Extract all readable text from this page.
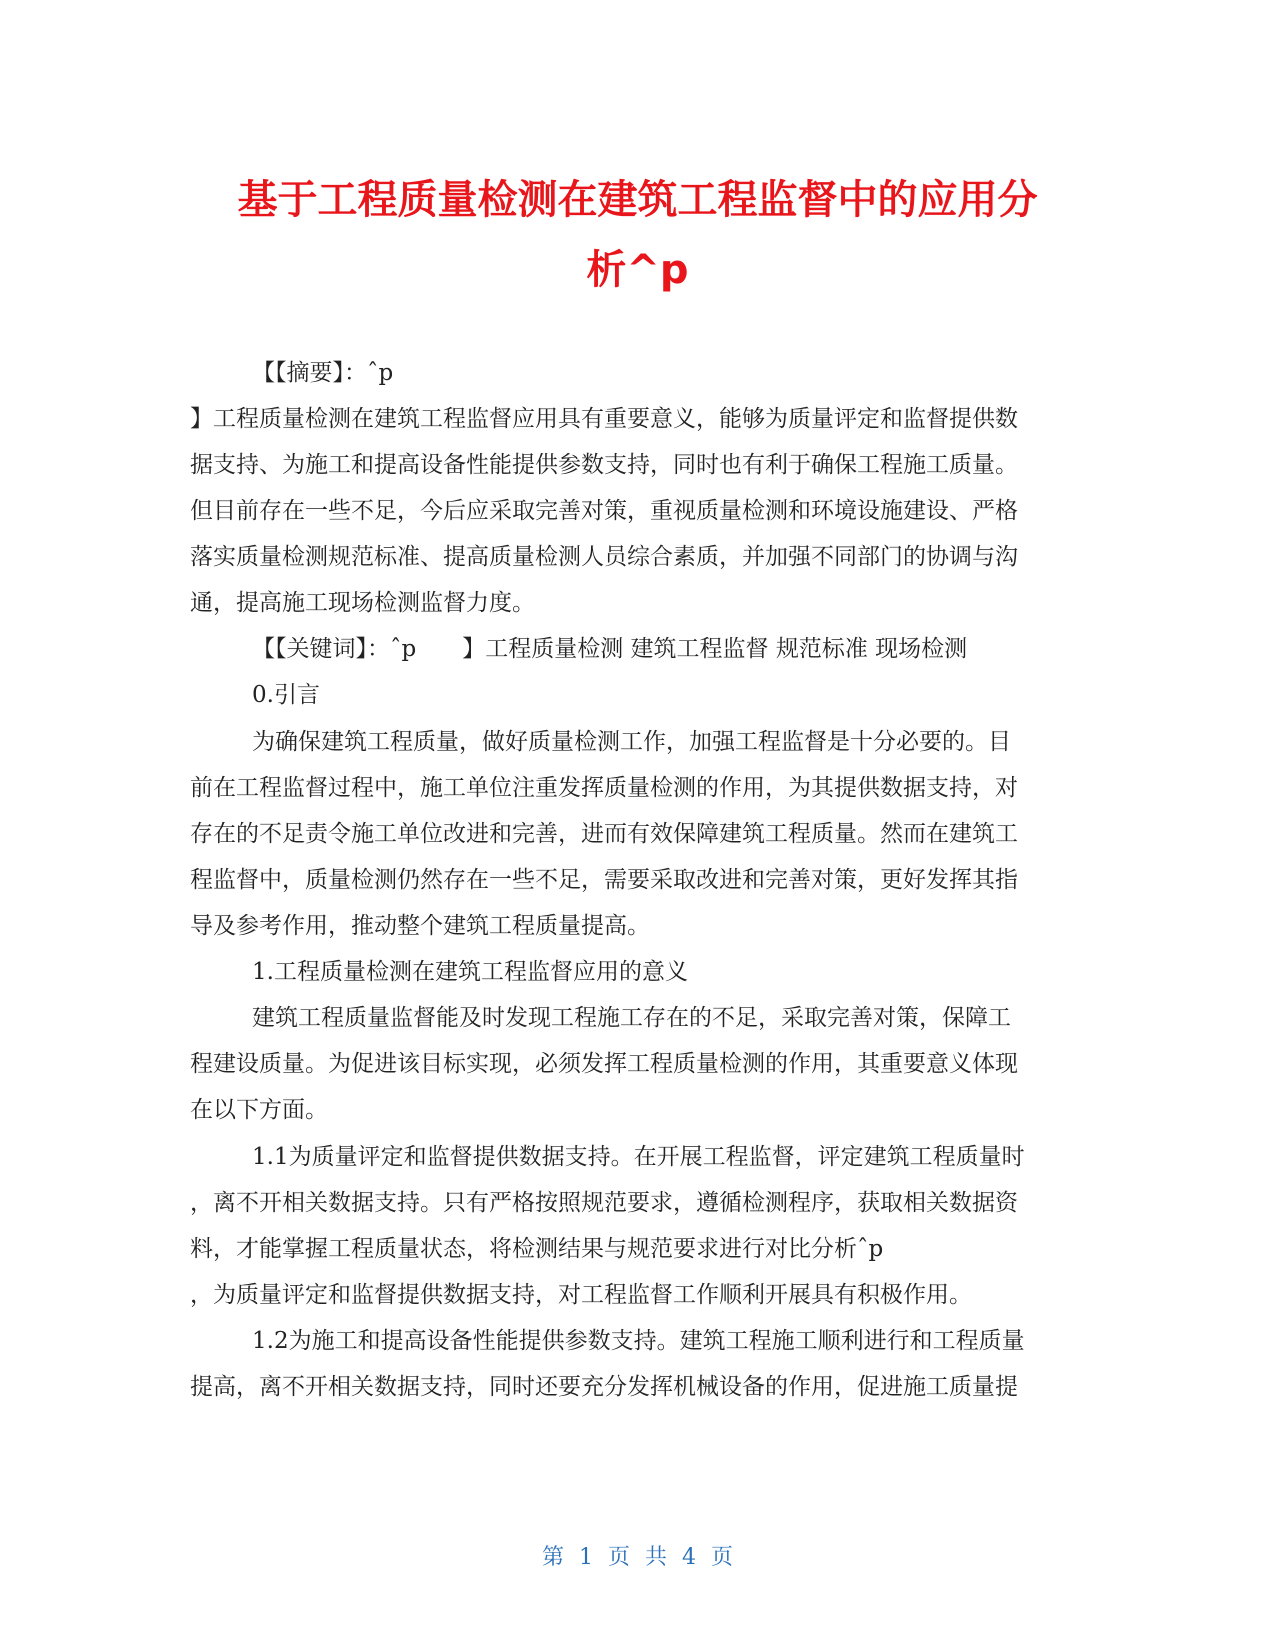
基于工程质量检测在建筑工程监督中的应用分
析^p

【【摘要】：ˆp

】工程质量检测在建筑工程监督应用具有重要意义，能够为质量评定和监督提供数

据支持、为施工和提高设备性能提供参数支持，同时也有利于确保工程施工质量。

但目前存在一些不足，今后应采取完善对策，重视质量检测和环境设施建设、严格

落实质量检测规范标准、提高质量检测人员综合素质，并加强不同部门的协调与沟

通，提高施工现场检测监督力度。

【【关键词】：ˆp　　】工程质量检测 建筑工程监督 规范标准 现场检测

0.引言

为确保建筑工程质量，做好质量检测工作，加强工程监督是十分必要的。目

前在工程监督过程中，施工单位注重发挥质量检测的作用，为其提供数据支持，对

存在的不足责令施工单位改进和完善，进而有效保障建筑工程质量。然而在建筑工

程监督中，质量检测仍然存在一些不足，需要采取改进和完善对策，更好发挥其指

导及参考作用，推动整个建筑工程质量提高。

1.工程质量检测在建筑工程监督应用的意义

建筑工程质量监督能及时发现工程施工存在的不足，采取完善对策，保障工

程建设质量。为促进该目标实现，必须发挥工程质量检测的作用，其重要意义体现

在以下方面。

1.1为质量评定和监督提供数据支持。在开展工程监督，评定建筑工程质量时

，离不开相关数据支持。只有严格按照规范要求，遵循检测程序，获取相关数据资

料，才能掌握工程质量状态，将检测结果与规范要求进行对比分析ˆp

，为质量评定和监督提供数据支持，对工程监督工作顺利开展具有积极作用。

1.2为施工和提高设备性能提供参数支持。建筑工程施工顺利进行和工程质量

提高，离不开相关数据支持，同时还要充分发挥机械设备的作用，促进施工质量提

第 1 页 共 4 页
